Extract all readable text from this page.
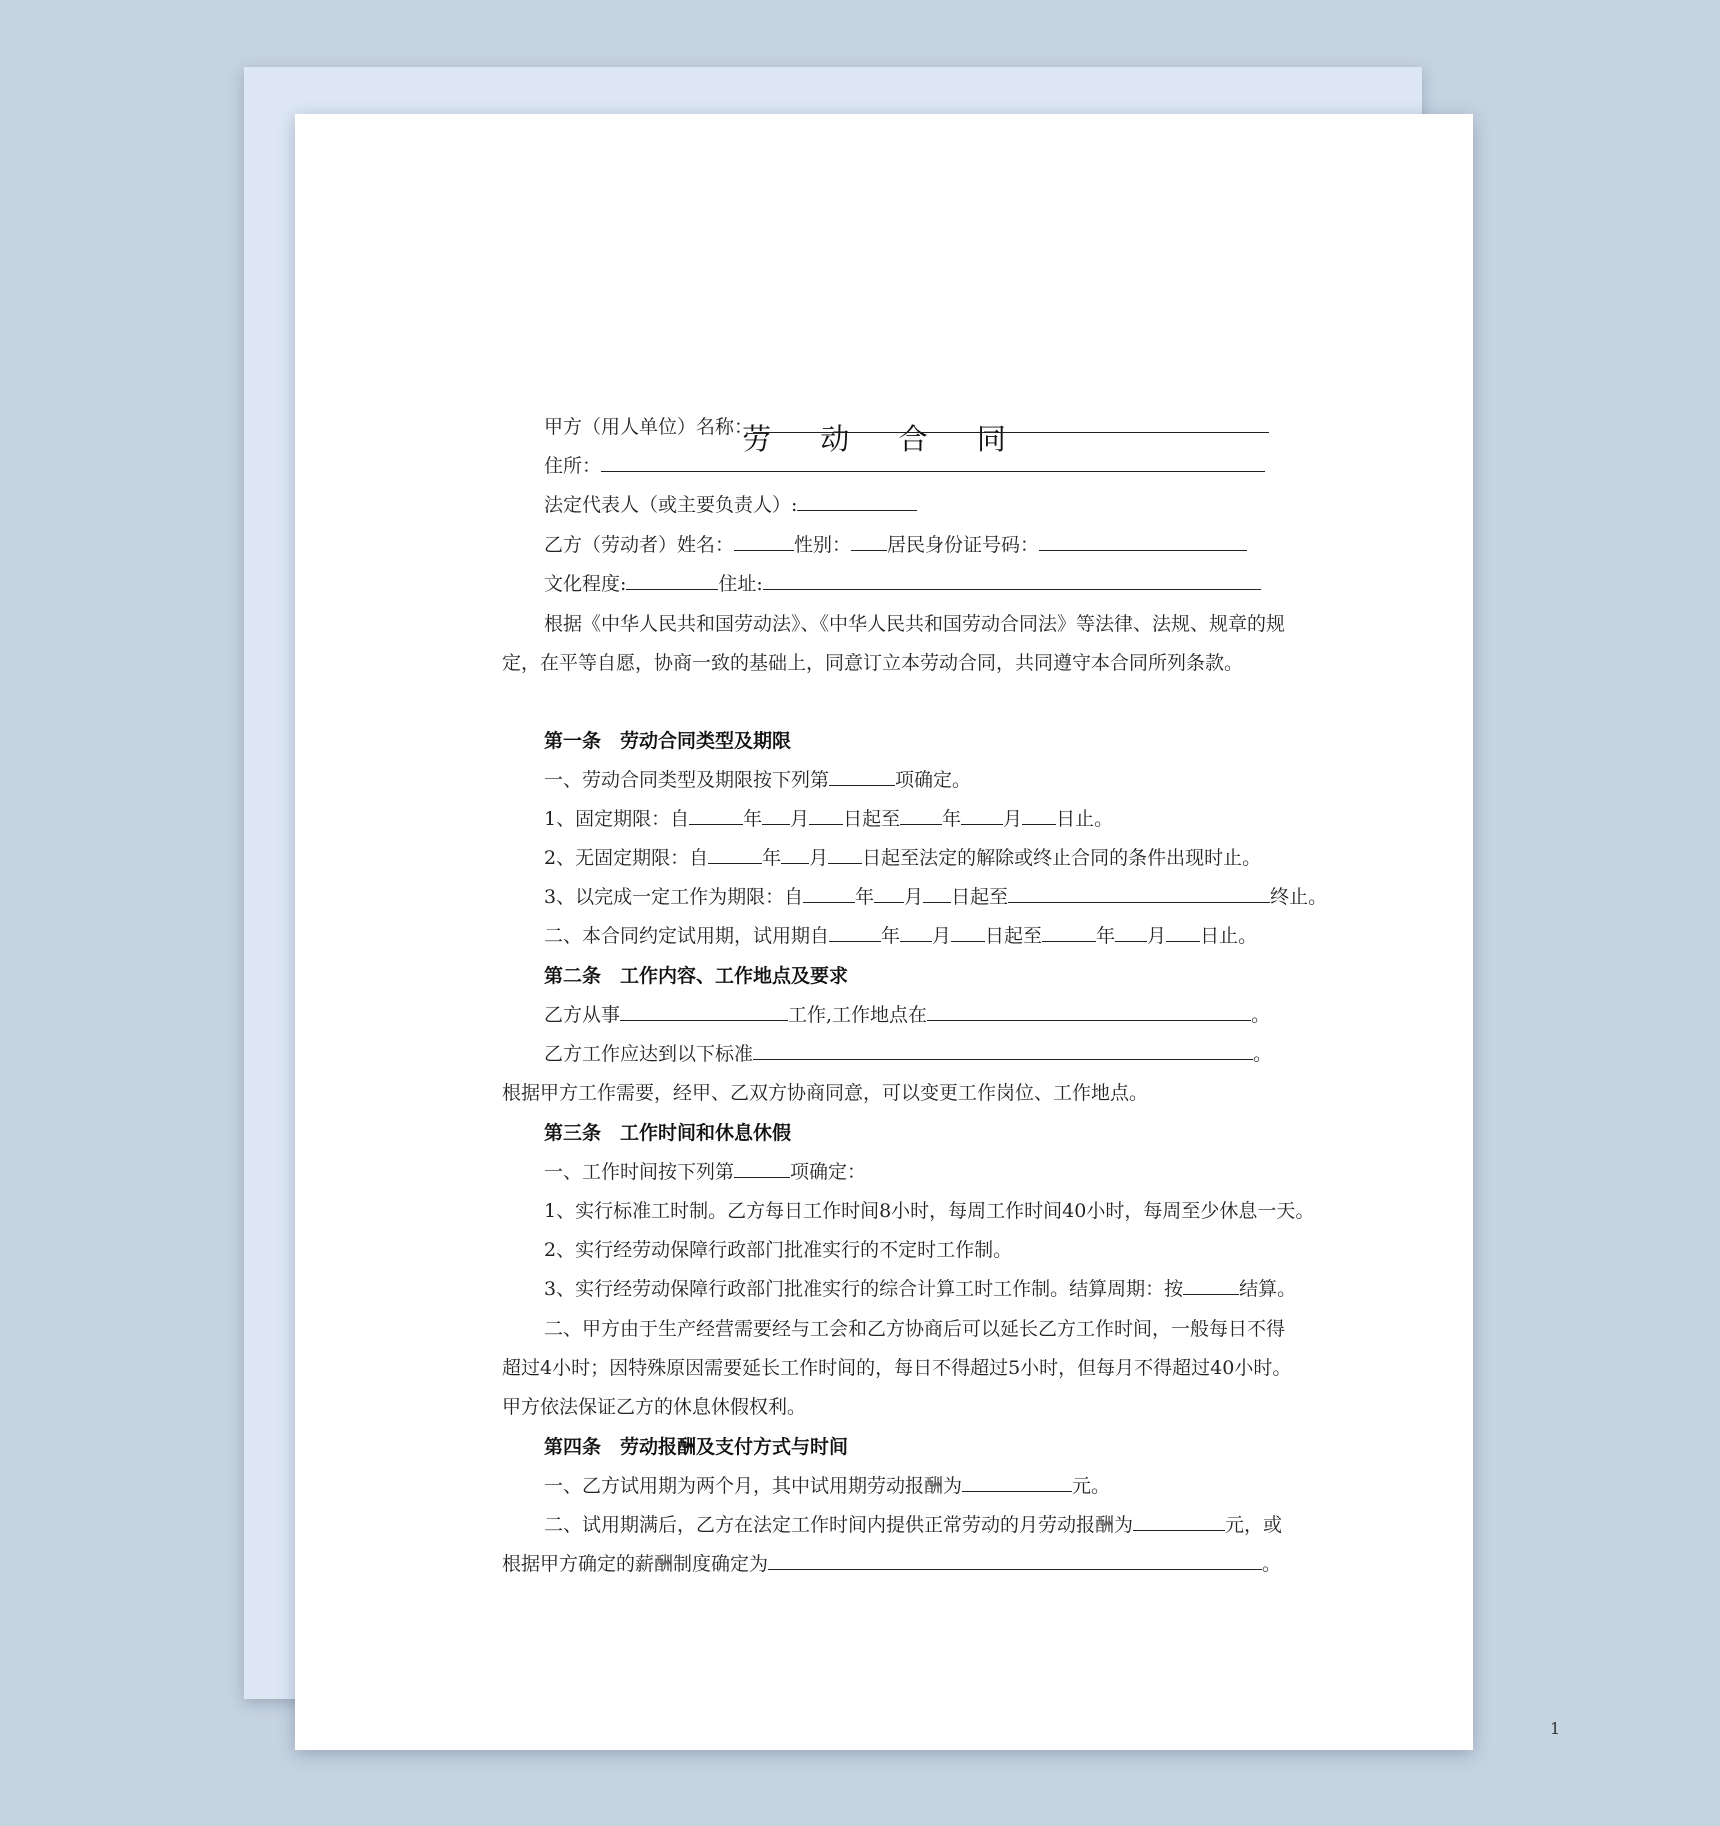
劳 动 合 同
甲方（用人单位）名称：
住所：
法定代表人（或主要负责人）:
乙方（劳动者）姓名：	性别： 居民身份证号码：
文化程度:	住址:
根据《中华人民共和国劳动法》、《中华人民共和国劳动合同法》等法律、法规、规章的规
定，在平等自愿，协商一致的基础上，同意订立本劳动合同，共同遵守本合同所列条款。
第一条　劳动合同类型及期限
一、劳动合同类型及期限按下列第	项确定。
1、固定期限：自	年 月 日起至 年 月 日止。
2、无固定期限：自	年 月 日起至法定的解除或终止合同的条件出现时止。
3、以完成一定工作为期限：自	年 月 日起至	终止。
二、本合同约定试用期，试用期自	年 月 日起至	年 月 日止。
第二条　工作内容、工作地点及要求
乙方从事	工作,工作地点在	。
乙方工作应达到以下标准	。
根据甲方工作需要，经甲、乙双方协商同意，可以变更工作岗位、工作地点。
第三条　工作时间和休息休假
一、工作时间按下列第	项确定：
1、实行标准工时制。乙方每日工作时间8小时，每周工作时间40小时，每周至少休息一天。
2、实行经劳动保障行政部门批准实行的不定时工作制。
3、实行经劳动保障行政部门批准实行的综合计算工时工作制。结算周期：按	结算。
二、甲方由于生产经营需要经与工会和乙方协商后可以延长乙方工作时间，一般每日不得
超过4小时；因特殊原因需要延长工作时间的，每日不得超过5小时，但每月不得超过40小时。
甲方依法保证乙方的休息休假权利。
第四条　劳动报酬及支付方式与时间
一、乙方试用期为两个月，其中试用期劳动报酬为	元。
二、试用期满后，乙方在法定工作时间内提供正常劳动的月劳动报酬为	元，或
根据甲方确定的薪酬制度确定为	。
1
